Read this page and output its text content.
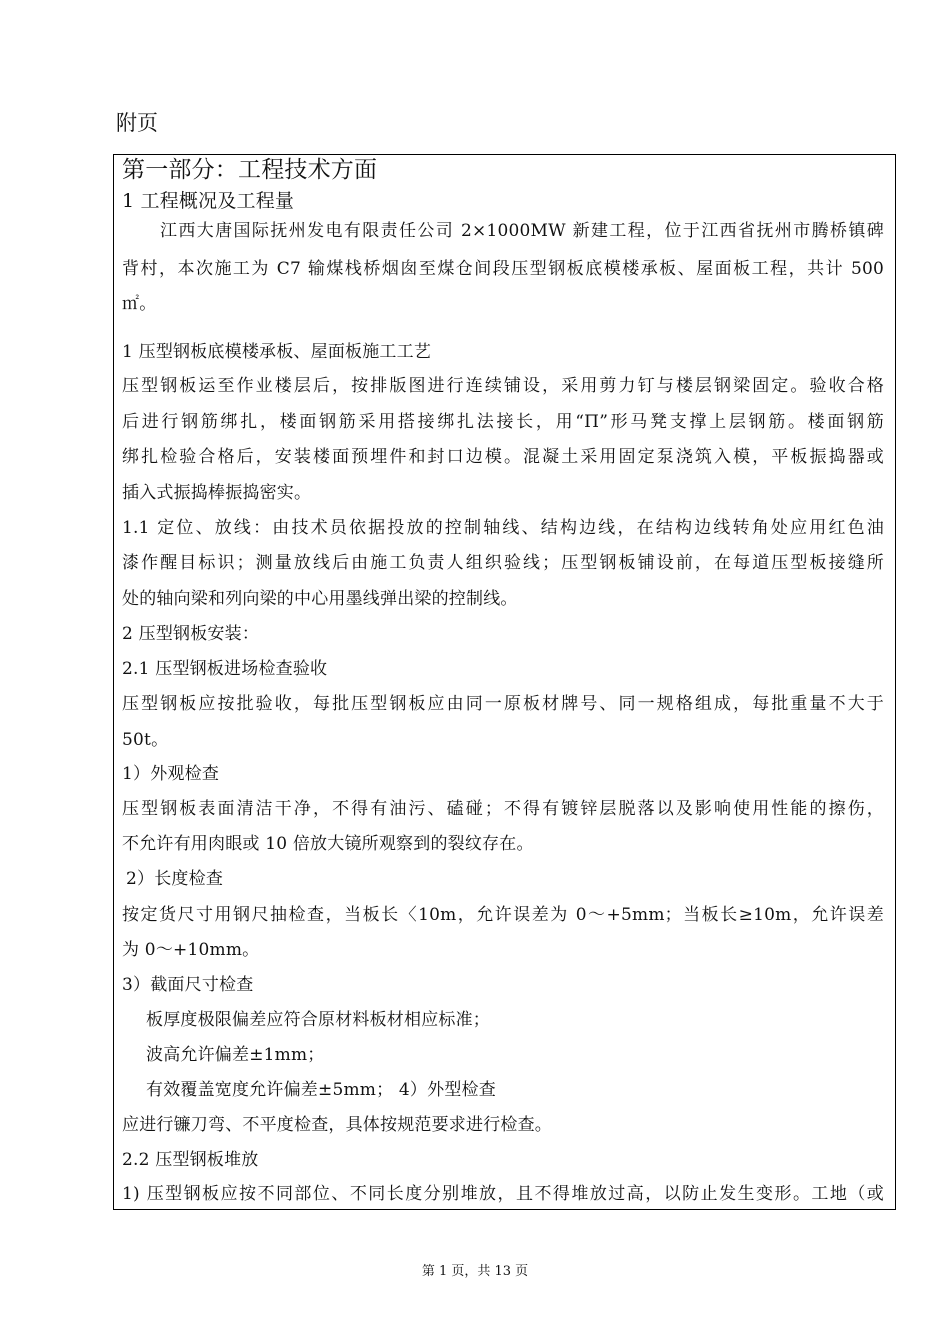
附页
第一部分：工程技术方面
1 工程概况及工程量
江西大唐国际抚州发电有限责任公司 2×1000MW 新建工程，位于江西省抚州市腾桥镇碑
背村，本次施工为 C7 输煤栈桥烟囱至煤仓间段压型钢板底模楼承板、屋面板工程，共计 500
㎡。
1 压型钢板底模楼承板、屋面板施工工艺
压型钢板运至作业楼层后，按排版图进行连续铺设，采用剪力钉与楼层钢梁固定。验收合格
后进行钢筋绑扎，楼面钢筋采用搭接绑扎法接长，用“Π”形马凳支撑上层钢筋。楼面钢筋
绑扎检验合格后，安装楼面预埋件和封口边模。混凝土采用固定泵浇筑入模，平板振捣器或
插入式振捣棒振捣密实。
1.1 定位、放线：由技术员依据投放的控制轴线、结构边线，在结构边线转角处应用红色油
漆作醒目标识；测量放线后由施工负责人组织验线；压型钢板铺设前，在每道压型板接缝所
处的轴向梁和列向梁的中心用墨线弹出梁的控制线。
2 压型钢板安装：
2.1 压型钢板进场检查验收
压型钢板应按批验收，每批压型钢板应由同一原板材牌号、同一规格组成，每批重量不大于
50t。
1）外观检查
压型钢板表面清洁干净，不得有油污、磕碰；不得有镀锌层脱落以及影响使用性能的擦伤，
不允许有用肉眼或 10 倍放大镜所观察到的裂纹存在。
2）长度检查
按定货尺寸用钢尺抽检查，当板长〈10m，允许误差为 0～+5mm；当板长≥10m，允许误差
为 0～+10mm。
3）截面尺寸检查
板厚度极限偏差应符合原材料板材相应标准；
波高允许偏差±1mm；
有效覆盖宽度允许偏差±5mm； 4）外型检查
应进行镰刀弯、不平度检查，具体按规范要求进行检查。
2.2 压型钢板堆放
1) 压型钢板应按不同部位、不同长度分别堆放，且不得堆放过高，以防止发生变形。工地（或
第 1 页，共 13 页
